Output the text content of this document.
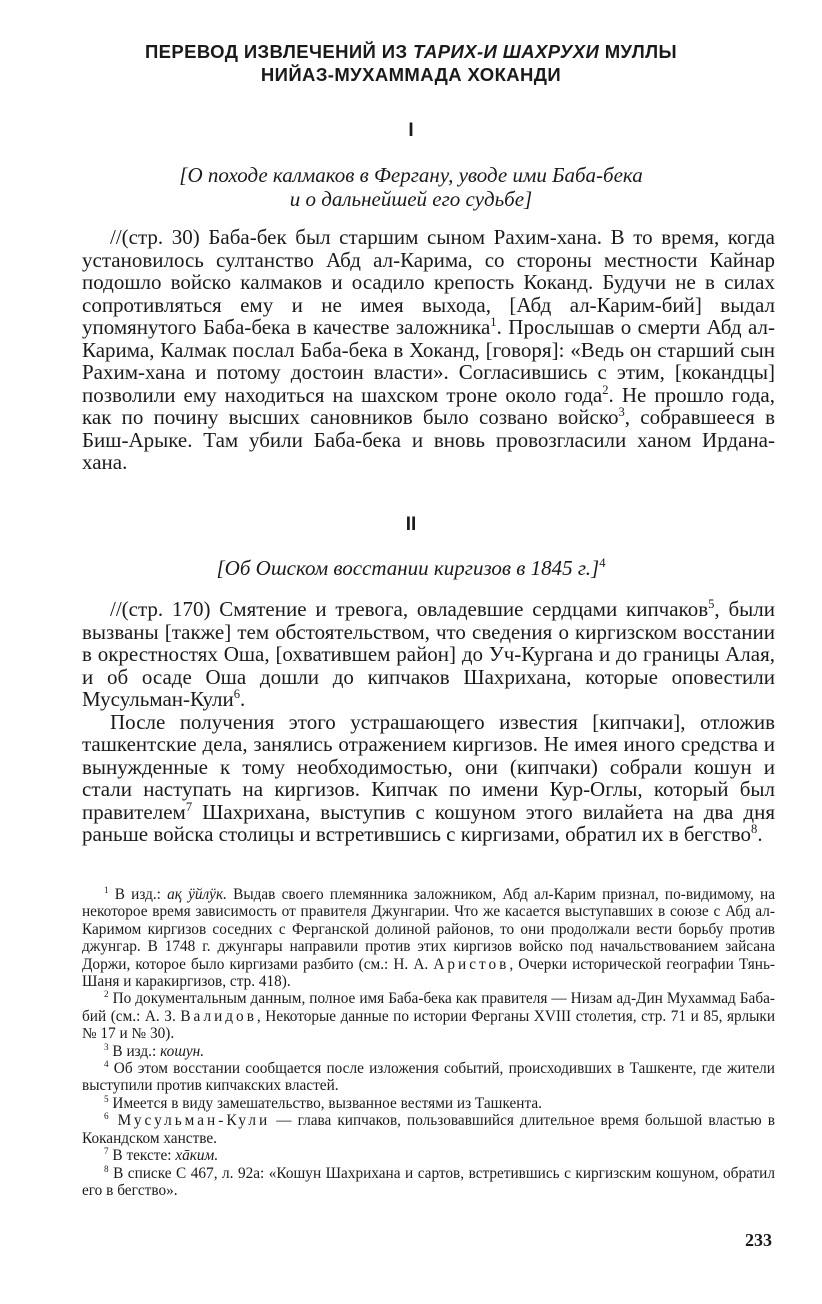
ПЕРЕВОД ИЗВЛЕЧЕНИЙ ИЗ ТАРИХ-И ШАХРУХИ МУЛЛЫ
НИЙАЗ-МУХАММАДА ХОКАНДИ
I
[О походе калмаков в Фергану, уводе ими Баба-бека
и о дальнейшей его судьбе]

//(стр. 30) Баба-бек был старшим сыном Рахим-хана. В то время, когда установилось султанство Абд ал-Карима, со стороны местности Кайнар подошло войско калмаков и осадило крепость Коканд. Будучи не в силах сопротивляться ему и не имея выхода, [Абд ал-Карим-бий] выдал упомянутого Баба-бека в качестве заложника$^1$. Прослышав о смерти Абд ал-Карима, Калмак послал Баба-бека в Хоканд, [говоря]: «Ведь он старший сын Рахим-хана и потому достоин власти». Согласившись с этим, [кокандцы] позволили ему находиться на шахском троне около года$^2$. Не прошло года, как по почину высших сановников было созвано войско$^3$, собравшееся в Биш-Арыке. Там убили Баба-бека и вновь провозгласили ханом Ирдана-хана.

II
[Об Ошском восстании киргизов в 1845 г.]$^4$

//(стр. 170) Смятение и тревога, овладевшие сердцами кипчаков$^5$, были вызваны [также] тем обстоятельством, что сведения о киргизском восстании в окрестностях Оша, [охватившем район] до Уч-Кургана и до границы Алая, и об осаде Оша дошли до кипчаков Шахрихана, которые оповестили Мусульман-Кули$^6$.

После получения этого устрашающего известия [кипчаки], отложив ташкентские дела, занялись отражением киргизов. Не имея иного средства и вынужденные к тому необходимостью, они (кипчаки) собрали кошун и стали наступать на киргизов. Кипчак по имени Кур-Оглы, который был правителем$^7$ Шахрихана, выступив с кошуном этого вилайета на два дня раньше войска столицы и встретившись с киргизами, обратил их в бегство$^8$.

$^1$ В изд.: ақ ӱйлӱк. Выдав своего племянника заложником, Абд ал-Карим признал, по-видимому, на некоторое время зависимость от правителя Джунгарии. Что же касается выступавших в союзе с Абд ал-Каримом киргизов соседних с Ферганской долиной районов, то они продолжали вести борьбу против джунгар. В 1748 г. джунгары направили против этих киргизов войско под начальствованием зайсана Доржи, которое было киргизами разбито (см.: Н. А. Аристов, Очерки исторической географии Тянь-Шаня и каракиргизов, стр. 418).

$^2$ По документальным данным, полное имя Баба-бека как правителя — Низам ад-Дин Мухаммад Баба-бий (см.: А. З. Валидов, Некоторые данные по истории Ферганы XVIII столетия, стр. 71 и 85, ярлыки № 17 и № 30).

$^3$ В изд.: кошун.

$^4$ Об этом восстании сообщается после изложения событий, происходивших в Ташкенте, где жители выступили против кипчакских властей.

$^5$ Имеется в виду замешательство, вызванное вестями из Ташкента.

$^6$ Мусульман-Кули — глава кипчаков, пользовавшийся длительное время большой властью в Кокандском ханстве.

$^7$ В тексте: хāким.

$^8$ В списке С 467, л. 92а: «Кошун Шахрихана и сартов, встретившись с киргизским кошуном, обратил его в бегство».

233
